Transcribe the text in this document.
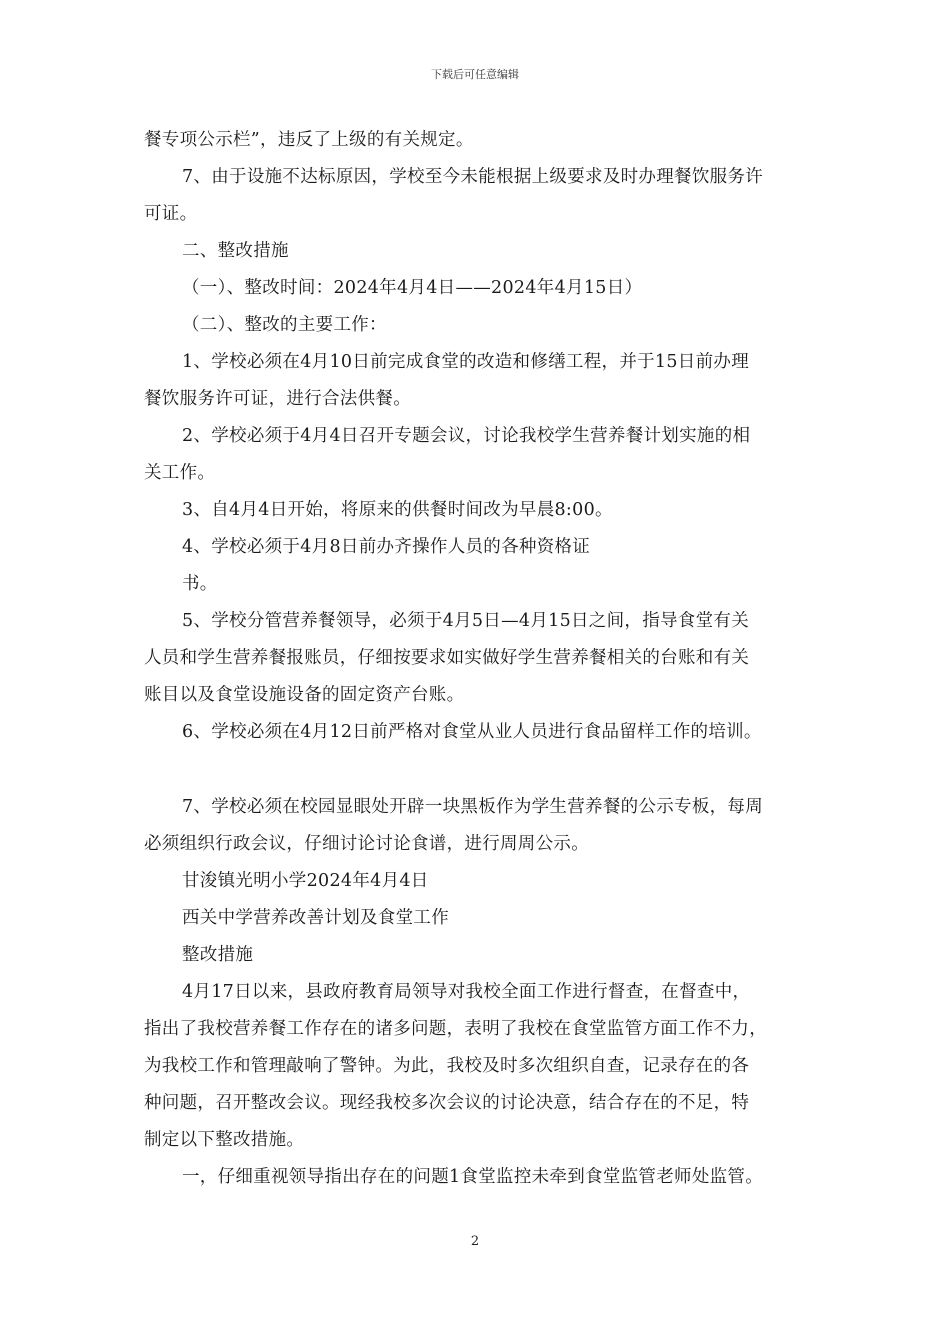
下载后可任意编辑
餐专项公示栏”，违反了上级的有关规定。
7、由于设施不达标原因，学校至今未能根据上级要求及时办理餐饮服务许
可证。
二、整改措施
（一）、整改时间：2024年4月4日——2024年4月15日）
（二）、整改的主要工作：
1、学校必须在4月10日前完成食堂的改造和修缮工程，并于15日前办理
餐饮服务许可证，进行合法供餐。
2、学校必须于4月4日召开专题会议，讨论我校学生营养餐计划实施的相
关工作。
3、自4月4日开始，将原来的供餐时间改为早晨8:00。
4、学校必须于4月8日前办齐操作人员的各种资格证
书。
5、学校分管营养餐领导，必须于4月5日—4月15日之间，指导食堂有关
人员和学生营养餐报账员，仔细按要求如实做好学生营养餐相关的台账和有关
账目以及食堂设施设备的固定资产台账。
6、学校必须在4月12日前严格对食堂从业人员进行食品留样工作的培训。
7、学校必须在校园显眼处开辟一块黑板作为学生营养餐的公示专板，每周
必须组织行政会议，仔细讨论讨论食谱，进行周周公示。
甘浚镇光明小学2024年4月4日
西关中学营养改善计划及食堂工作
整改措施
4月17日以来，县政府教育局领导对我校全面工作进行督查，在督查中，
指出了我校营养餐工作存在的诸多问题，表明了我校在食堂监管方面工作不力，
为我校工作和管理敲响了警钟。为此，我校及时多次组织自查，记录存在的各
种问题，召开整改会议。现经我校多次会议的讨论决意，结合存在的不足，特
制定以下整改措施。
一，仔细重视领导指出存在的问题1食堂监控未牵到食堂监管老师处监管。
2
